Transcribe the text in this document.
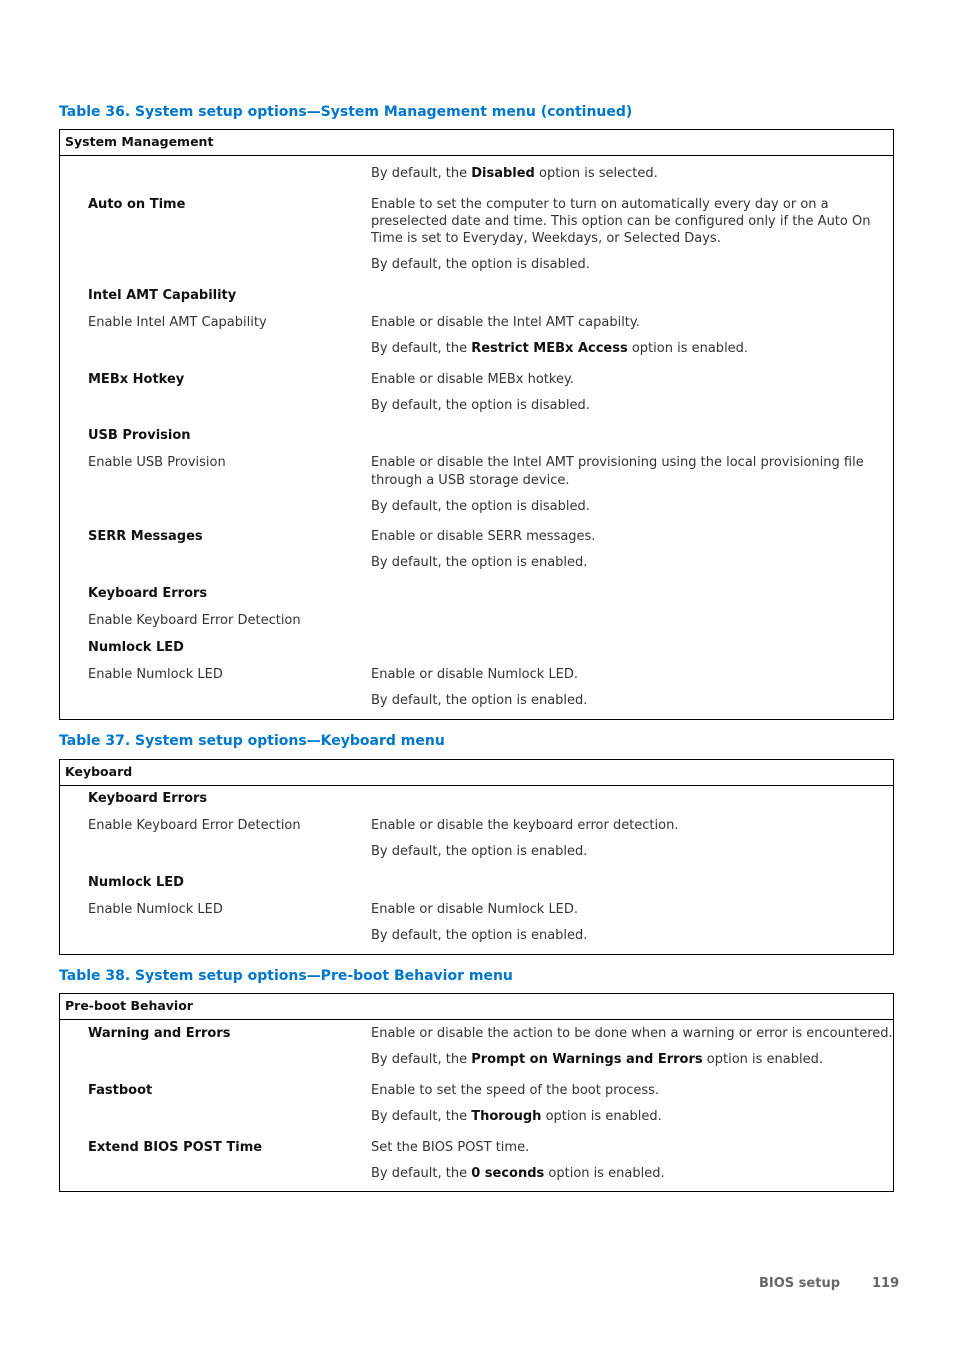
Table 36. System setup options—System Management menu (continued)
System Management
By default, the Disabled option is selected.
Auto on Time	Enable to set the computer to turn on automatically every day or on a
preselected date and time. This option can be configured only if the Auto On
Time is set to Everyday, Weekdays, or Selected Days.
By default, the option is disabled.
Intel AMT Capability
Enable Intel AMT Capability	Enable or disable the Intel AMT capabilty.
By default, the Restrict MEBx Access option is enabled.
MEBx Hotkey	Enable or disable MEBx hotkey.
By default, the option is disabled.
USB Provision
Enable USB Provision	Enable or disable the Intel AMT provisioning using the local provisioning file
through a USB storage device.
By default, the option is disabled.
SERR Messages	Enable or disable SERR messages.
By default, the option is enabled.
Keyboard Errors
Enable Keyboard Error Detection
Numlock LED
Enable Numlock LED	Enable or disable Numlock LED.
By default, the option is enabled.
Table 37. System setup options—Keyboard menu
Keyboard
Keyboard Errors
Enable Keyboard Error Detection	Enable or disable the keyboard error detection.
By default, the option is enabled.
Numlock LED
Enable Numlock LED	Enable or disable Numlock LED.
By default, the option is enabled.
Table 38. System setup options—Pre-boot Behavior menu
Pre-boot Behavior
Warning and Errors	Enable or disable the action to be done when a warning or error is encountered.
By default, the Prompt on Warnings and Errors option is enabled.
Fastboot	Enable to set the speed of the boot process.
By default, the Thorough option is enabled.
Extend BIOS POST Time	Set the BIOS POST time.
By default, the 0 seconds option is enabled.
BIOS setup 119
